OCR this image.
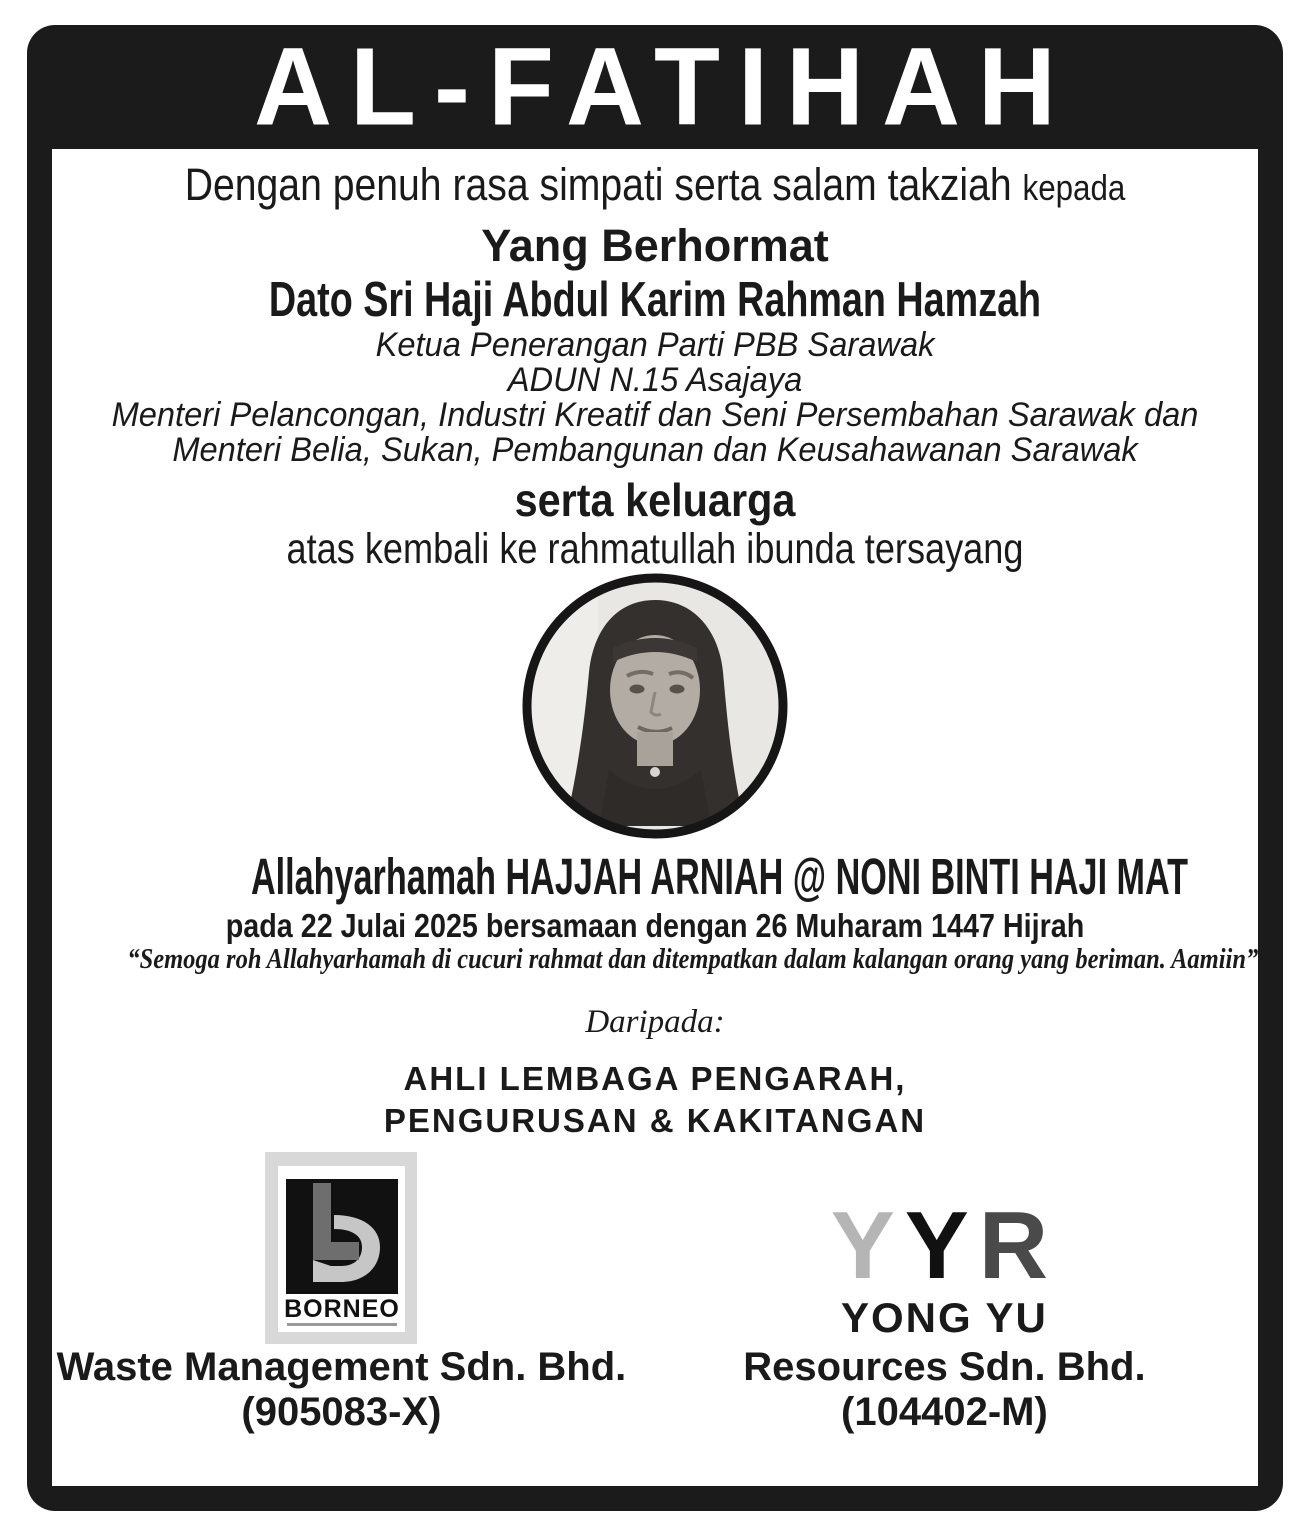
AL-FATIHAH
Dengan penuh rasa simpati serta salam takziah kepada
Yang Berhormat
Dato Sri Haji Abdul Karim Rahman Hamzah
Ketua Penerangan Parti PBB Sarawak
ADUN N.15 Asajaya
Menteri Pelancongan, Industri Kreatif dan Seni Persembahan Sarawak dan
Menteri Belia, Sukan, Pembangunan dan Keusahawanan Sarawak
serta keluarga
atas kembali ke rahmatullah ibunda tersayang
Allahyarhamah HAJJAH ARNIAH @ NONI BINTI HAJI MAT
pada 22 Julai 2025 bersamaan dengan 26 Muharam 1447 Hijrah
“Semoga roh Allahyarhamah di cucuri rahmat dan ditempatkan dalam kalangan orang yang beriman. Aamiin”
Daripada:
AHLI LEMBAGA PENGARAH,
PENGURUSAN & KAKITANGAN
BORNEO
Waste Management Sdn. Bhd.
(905083-X)
YYR
YONG YU
Resources Sdn. Bhd.
(104402-M)
